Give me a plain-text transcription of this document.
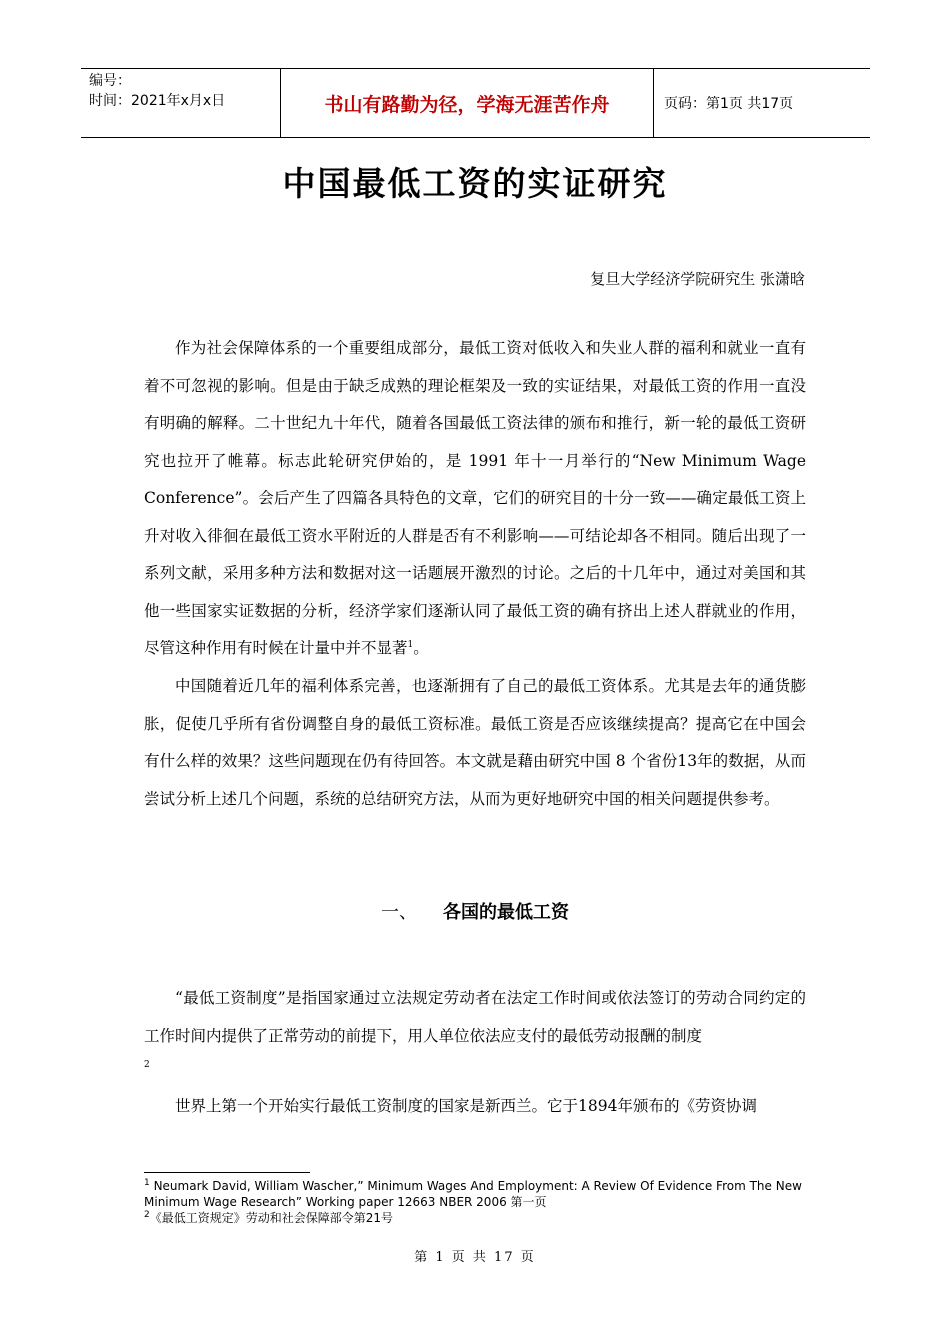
编号：
时间：2021年x月x日	书山有路勤为径，学海无涯苦作舟	页码：第1页 共17页
中国最低工资的实证研究
复旦大学经济学院研究生 张潇晗

作为社会保障体系的一个重要组成部分，最低工资对低收入和失业人群的福利和就业一直有着不可忽视的影响。但是由于缺乏成熟的理论框架及一致的实证结果，对最低工资的作用一直没有明确的解释。二十世纪九十年代，随着各国最低工资法律的颁布和推行，新一轮的最低工资研究也拉开了帷幕。标志此轮研究伊始的，是 1991 年十一月举行的“New Minimum Wage Conference”。会后产生了四篇各具特色的文章，它们的研究目的十分一致——确定最低工资上升对收入徘徊在最低工资水平附近的人群是否有不利影响——可结论却各不相同。随后出现了一系列文献，采用多种方法和数据对这一话题展开激烈的讨论。之后的十几年中，通过对美国和其他一些国家实证数据的分析，经济学家们逐渐认同了最低工资的确有挤出上述人群就业的作用，尽管这种作用有时候在计量中并不显著$^1$。

中国随着近几年的福利体系完善，也逐渐拥有了自己的最低工资体系。尤其是去年的通货膨胀，促使几乎所有省份调整自身的最低工资标准。最低工资是否应该继续提高？提高它在中国会有什么样的效果？这些问题现在仍有待回答。本文就是藉由研究中国 8 个省份13年的数据，从而尝试分析上述几个问题，系统的总结研究方法，从而为更好地研究中国的相关问题提供参考。

一、 各国的最低工资

“最低工资制度”是指国家通过立法规定劳动者在法定工作时间或依法签订的劳动合同约定的工作时间内提供了正常劳动的前提下，用人单位依法应支付的最低劳动报酬的制度

2

世界上第一个开始实行最低工资制度的国家是新西兰。它于1894年颁布的《劳资协调

$^1$ Neumark David, William Wascher,” Minimum Wages And Employment: A Review Of Evidence From The New Minimum Wage Research” Working paper 12663 NBER 2006 第一页

$^2$《最低工资规定》劳动和社会保障部令第21号

第 1 页 共 17 页
